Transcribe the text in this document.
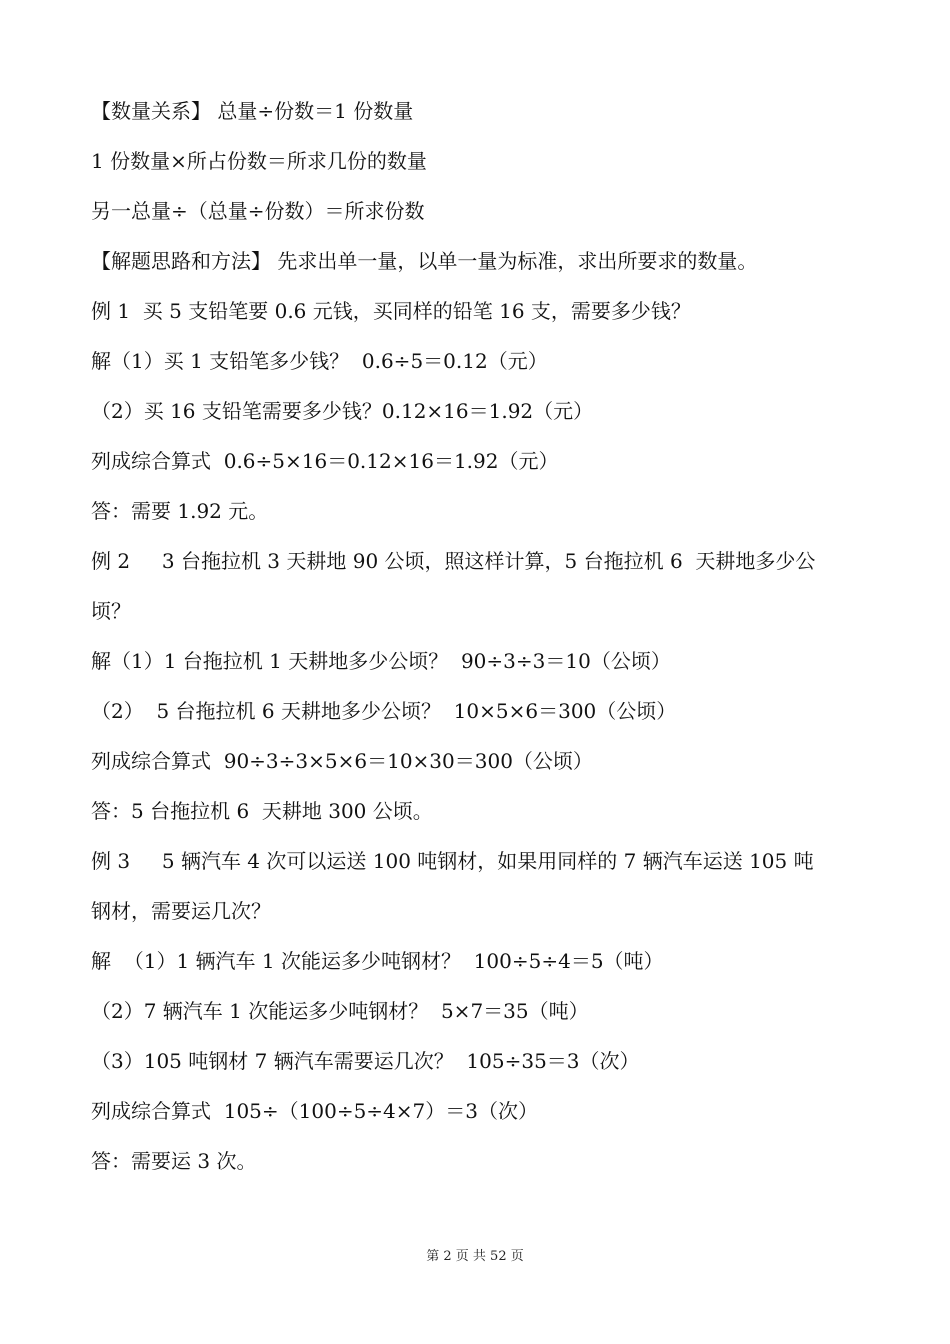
【数量关系】 总量÷份数＝1 份数量
1 份数量×所占份数＝所求几份的数量
另一总量÷（总量÷份数）＝所求份数
【解题思路和方法】 先求出单一量，以单一量为标准，求出所要求的数量。
例 1  买 5 支铅笔要 0.6 元钱，买同样的铅笔 16 支，需要多少钱？
解（1）买 1 支铅笔多少钱？  0.6÷5＝0.12（元）
（2）买 16 支铅笔需要多少钱？0.12×16＝1.92（元）
列成综合算式  0.6÷5×16＝0.12×16＝1.92（元）
答：需要 1.92 元。
例 2     3 台拖拉机 3 天耕地 90 公顷，照这样计算，5 台拖拉机 6  天耕地多少公
顷？
解（1）1 台拖拉机 1 天耕地多少公顷？  90÷3÷3＝10（公顷）
（2）  5 台拖拉机 6 天耕地多少公顷？  10×5×6＝300（公顷）
列成综合算式  90÷3÷3×5×6＝10×30＝300（公顷）
答：5 台拖拉机 6  天耕地 300 公顷。
例 3     5 辆汽车 4 次可以运送 100 吨钢材，如果用同样的 7 辆汽车运送 105 吨
钢材，需要运几次？
解  （1）1 辆汽车 1 次能运多少吨钢材？  100÷5÷4＝5（吨）
（2）7 辆汽车 1 次能运多少吨钢材？  5×7＝35（吨）
（3）105 吨钢材 7 辆汽车需要运几次？  105÷35＝3（次）
列成综合算式  105÷（100÷5÷4×7）＝3（次）
答：需要运 3 次。
第 2 页 共 52 页
